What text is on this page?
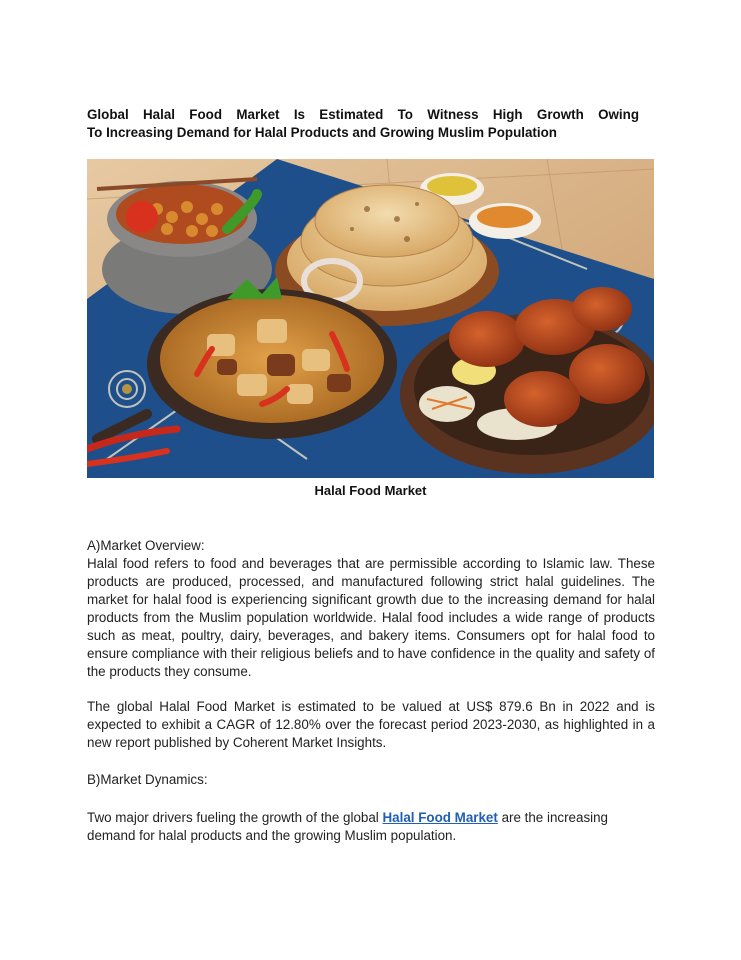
Global Halal Food Market Is Estimated To Witness High Growth Owing
To Increasing Demand for Halal Products and Growing Muslim Population
Halal Food Market
A)Market Overview:
Halal food refers to food and beverages that are permissible according to Islamic law. These products are produced, processed, and manufactured following strict halal guidelines. The market for halal food is experiencing significant growth due to the increasing demand for halal products from the Muslim population worldwide. Halal food includes a wide range of products such as meat, poultry, dairy, beverages, and bakery items. Consumers opt for halal food to ensure compliance with their religious beliefs and to have confidence in the quality and safety of the products they consume.
The global Halal Food Market is estimated to be valued at US$ 879.6 Bn in 2022 and is expected to exhibit a CAGR of 12.80% over the forecast period 2023-2030, as highlighted in a new report published by Coherent Market Insights.
B)Market Dynamics:
Two major drivers fueling the growth of the global Halal Food Market are the increasing demand for halal products and the growing Muslim population.
